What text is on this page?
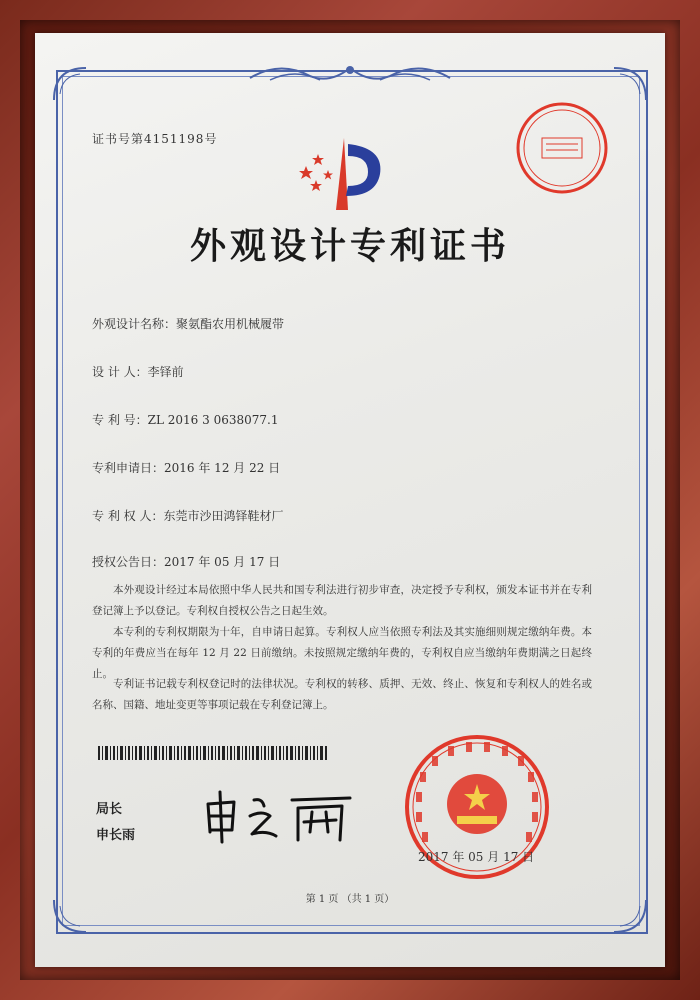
证书号第4151198号
外观设计专利证书
外观设计名称：聚氨酯农用机械履带
设 计 人：李铎前
专 利 号：ZL 2016 3 0638077.1
专利申请日：2016 年 12 月 22 日
专 利 权 人：东莞市沙田鸿铎鞋材厂
授权公告日：2017 年 05 月 17 日
本外观设计经过本局依照中华人民共和国专利法进行初步审查，决定授予专利权，颁发本证书并在专利登记簿上予以登记。专利权自授权公告之日起生效。
本专利的专利权期限为十年，自申请日起算。专利权人应当依照专利法及其实施细则规定缴纳年费。本专利的年费应当在每年 12 月 22 日前缴纳。未按照规定缴纳年费的，专利权自应当缴纳年费期满之日起终止。
专利证书记载专利权登记时的法律状况。专利权的转移、质押、无效、终止、恢复和专利权人的姓名或名称、国籍、地址变更等事项记载在专利登记簿上。
局长
申长雨
2017 年 05 月 17 日
第 1 页 （共 1 页）
